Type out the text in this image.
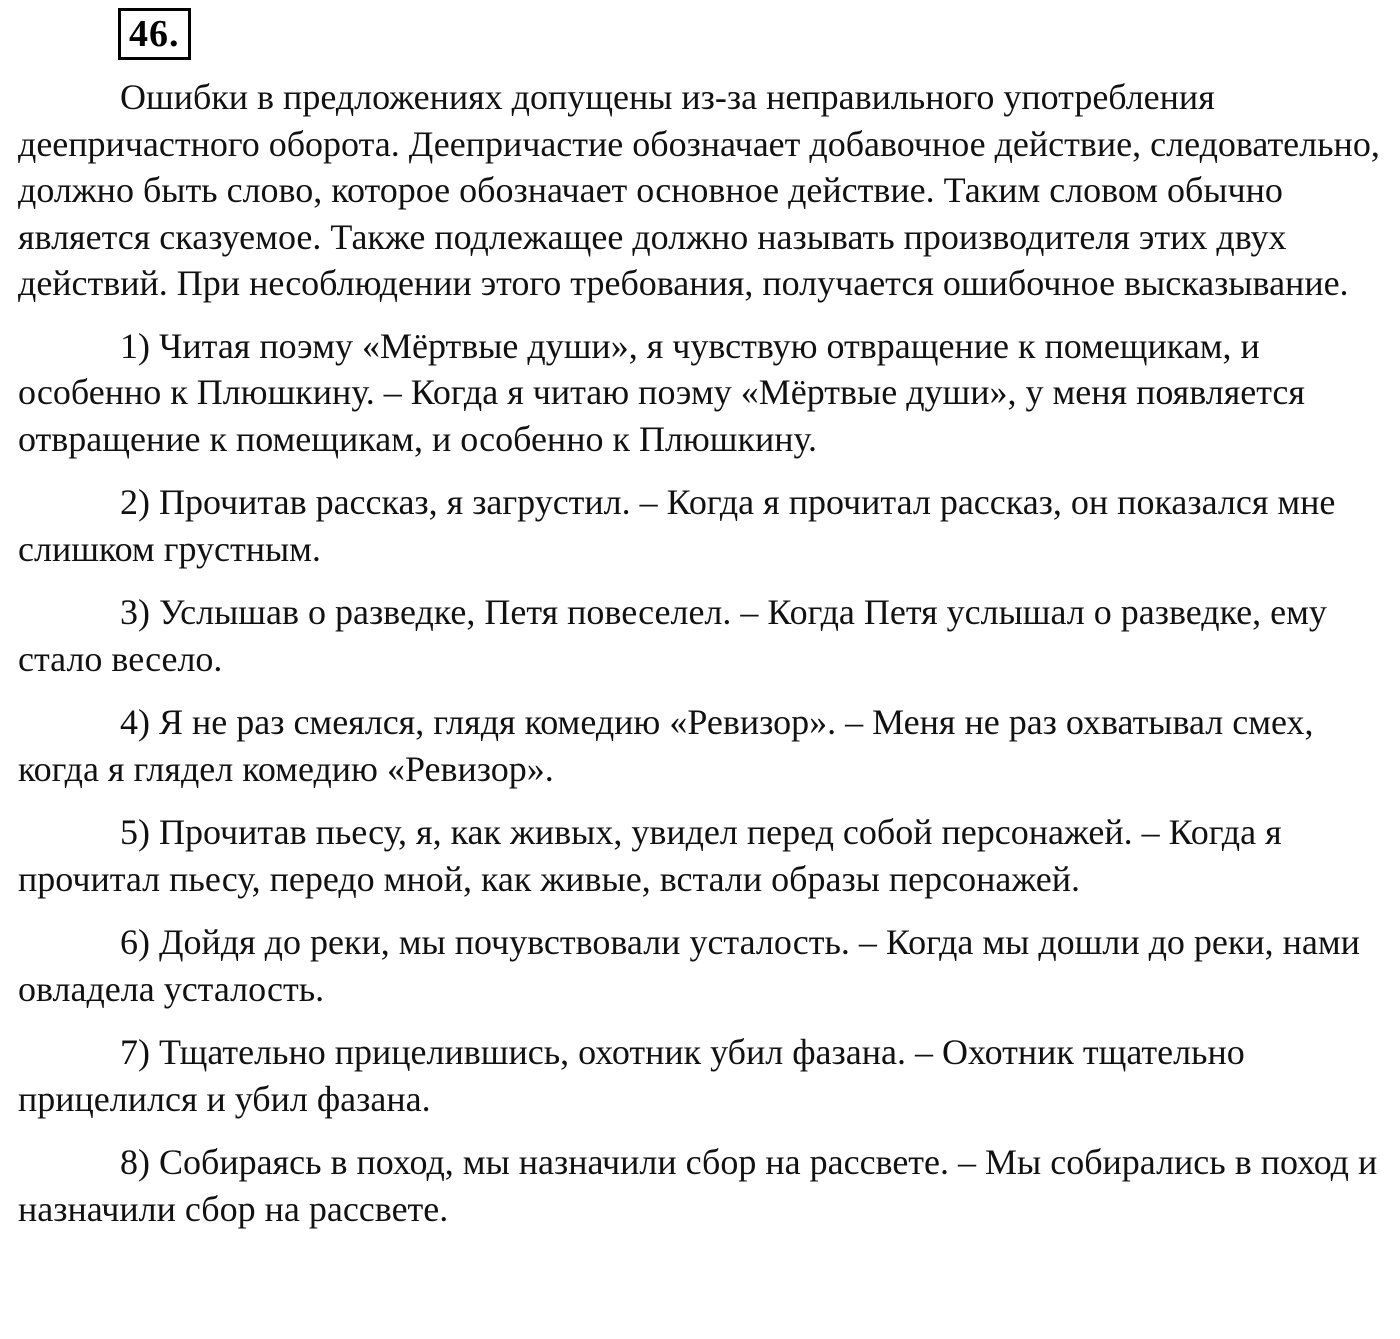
46.

Ошибки в предложениях допущены из-за неправильного употребления деепричастного оборота. Деепричастие обозначает добавочное действие, следовательно, должно быть слово, которое обозначает основное действие. Таким словом обычно является сказуемое. Также подлежащее должно называть производителя этих двух действий. При несоблюдении этого требования, получается ошибочное высказывание.

1) Читая поэму «Мёртвые души», я чувствую отвращение к помещикам, и особенно к Плюшкину. – Когда я читаю поэму «Мёртвые души», у меня появляется отвращение к помещикам, и особенно к Плюшкину.

2) Прочитав рассказ, я загрустил. – Когда я прочитал рассказ, он показался мне слишком грустным.

3) Услышав о разведке, Петя повеселел. – Когда Петя услышал о разведке, ему стало весело.

4) Я не раз смеялся, глядя комедию «Ревизор». – Меня не раз охватывал смех, когда я глядел комедию «Ревизор».

5) Прочитав пьесу, я, как живых, увидел перед собой персонажей. – Когда я прочитал пьесу, передо мной, как живые, встали образы персонажей.

6) Дойдя до реки, мы почувствовали усталость. – Когда мы дошли до реки, нами овладела усталость.

7) Тщательно прицелившись, охотник убил фазана. – Охотник тщательно прицелился и убил фазана.

8) Собираясь в поход, мы назначили сбор на рассвете. – Мы собирались в поход и назначили сбор на рассвете.
